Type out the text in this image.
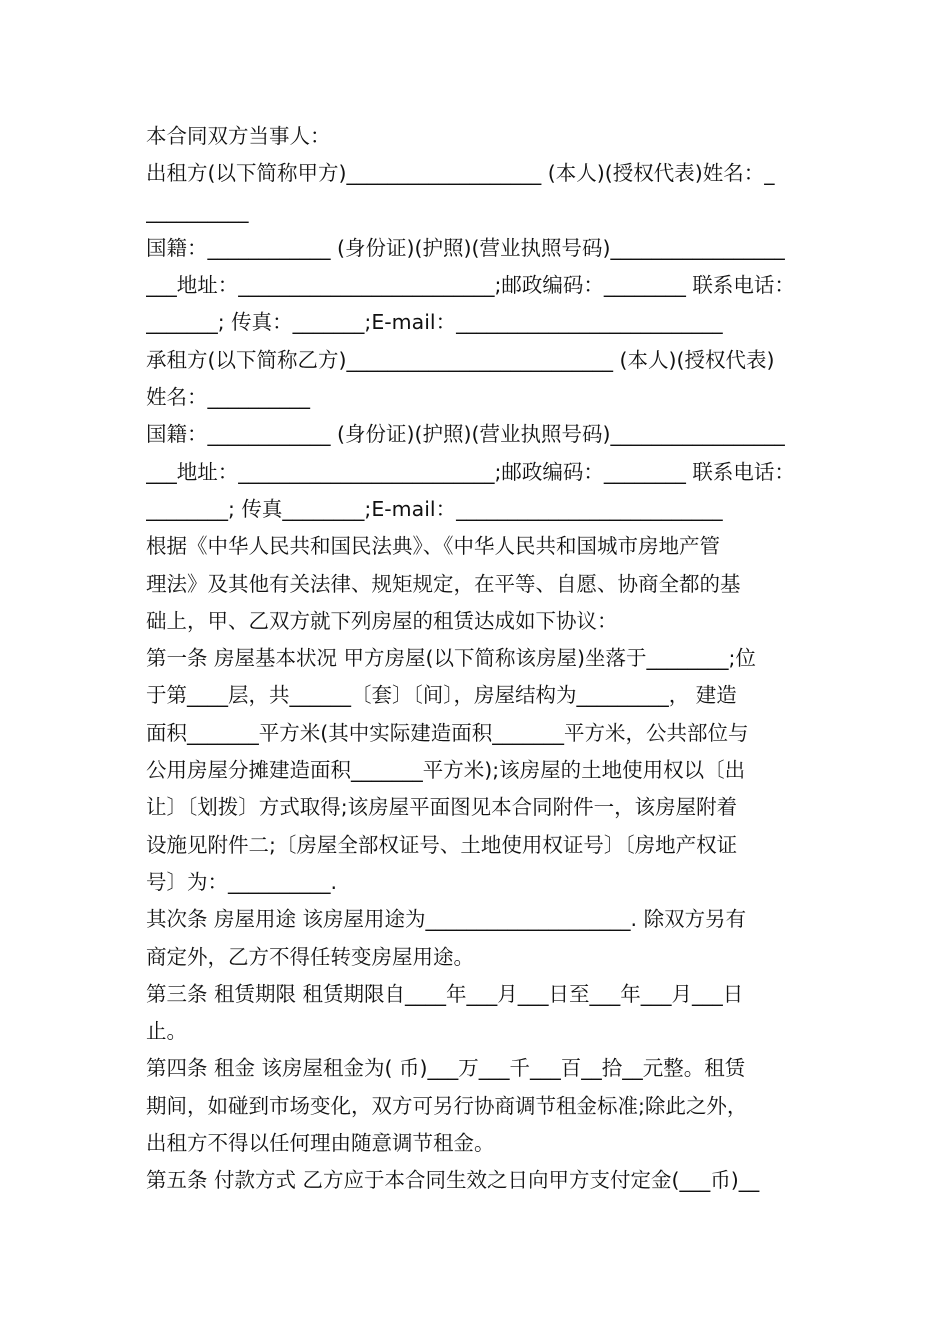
本合同双方当事人：
出租方(以下简称甲方)___________________ (本人)(授权代表)姓名：_
__________
国籍：____________ (身份证)(护照)(营业执照号码)_________________
___地址：_________________________;邮政编码：________ 联系电话：
_______; 传真：_______;E-mail：__________________________
承租方(以下简称乙方)__________________________ (本人)(授权代表)
姓名：__________
国籍：____________ (身份证)(护照)(营业执照号码)_________________
___地址：_________________________;邮政编码：________ 联系电话：
________; 传真________;E-mail：__________________________
根据《中华人民共和国民法典》、《中华人民共和国城市房地产管
理法》及其他有关法律、规矩规定，在平等、自愿、协商全都的基
础上，甲、乙双方就下列房屋的租赁达成如下协议：
第一条 房屋基本状况 甲方房屋(以下简称该房屋)坐落于________;位
于第____层，共______〔套〕〔间〕，房屋结构为_________， 建造
面积_______平方米(其中实际建造面积_______平方米，公共部位与
公用房屋分摊建造面积_______平方米);该房屋的土地使用权以〔出
让〕〔划拨〕方式取得;该房屋平面图见本合同附件一，该房屋附着
设施见附件二;〔房屋全部权证号、土地使用权证号〕〔房地产权证
号〕为：__________.
其次条 房屋用途 该房屋用途为____________________. 除双方另有
商定外，乙方不得任转变房屋用途。
第三条 租赁期限 租赁期限自____年___月___日至___年___月___日
止。
第四条 租金 该房屋租金为( 币)___万___千___百__拾__元整。租赁
期间，如碰到市场变化，双方可另行协商调节租金标准;除此之外，
出租方不得以任何理由随意调节租金。
第五条 付款方式 乙方应于本合同生效之日向甲方支付定金(___币)__
